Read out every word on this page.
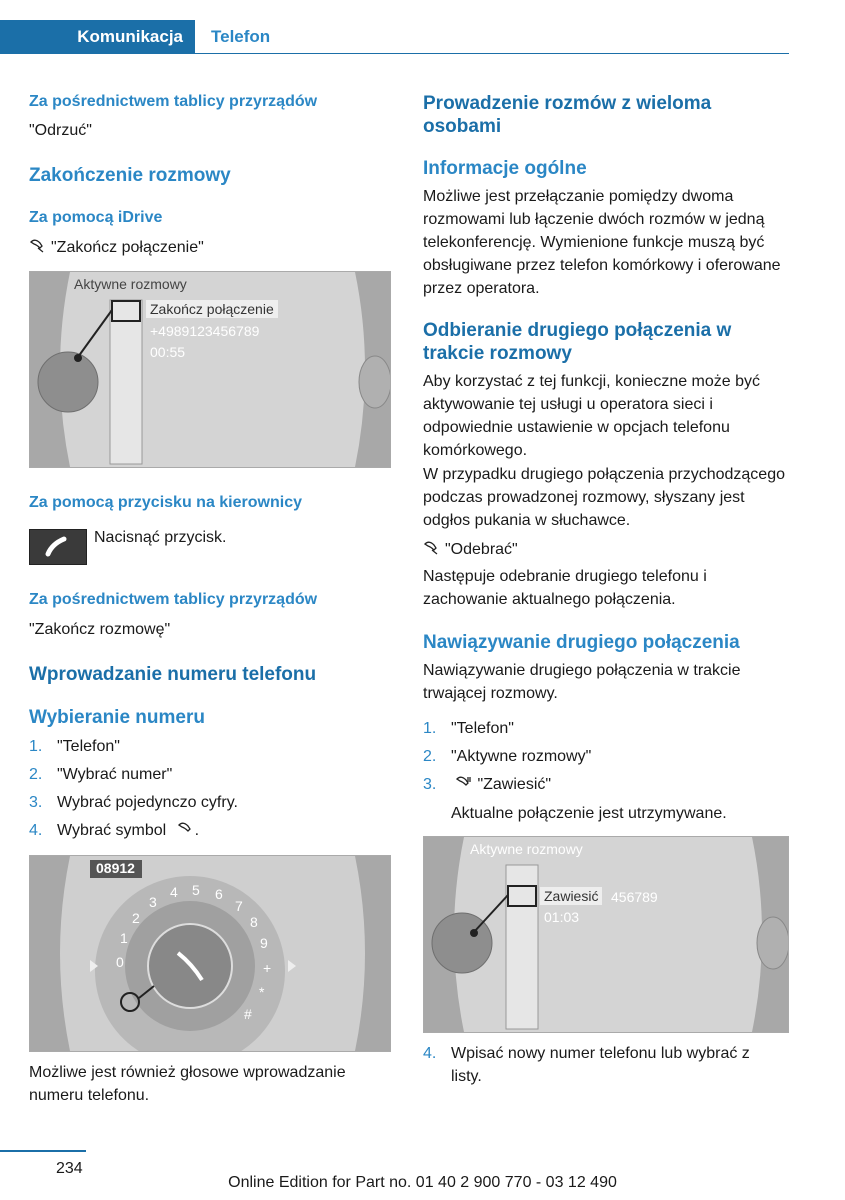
Komunikacja	Telefon
Za pośrednictwem tablicy przyrządów
"Odrzuć"
Zakończenie rozmowy
Za pomocą iDrive
"Zakończ połączenie"
Aktywne rozmowy
Zakończ połączenie
+4989123456789
00:55
Za pomocą przycisku na kierownicy
Nacisnąć przycisk.
Za pośrednictwem tablicy przyrządów
"Zakończ rozmowę"
Wprowadzanie numeru telefonu
Wybieranie numeru
1. "Telefon"
2. "Wybrać numer"
3. Wybrać pojedynczo cyfry.
4. Wybrać symbol .
08912
0
1
2
3
4 5 6
7
8
9
+
*
#
Możliwe jest również głosowe wprowadzanie numeru telefonu.
Prowadzenie rozmów z wieloma osobami
Informacje ogólne
Możliwe jest przełączanie pomiędzy dwoma rozmowami lub łączenie dwóch rozmów w jedną telekonferencję. Wymienione funkcje muszą być obsługiwane przez telefon komórkowy i oferowane przez operatora.
Odbieranie drugiego połączenia w trakcie rozmowy
Aby korzystać z tej funkcji, konieczne może być aktywowanie tej usługi u operatora sieci i odpowiednie ustawienie w opcjach telefonu komórkowego.
W przypadku drugiego połączenia przychodzącego podczas prowadzonej rozmowy, słyszany jest odgłos pukania w słuchawce.
"Odebrać"
Następuje odebranie drugiego telefonu i zachowanie aktualnego połączenia.
Nawiązywanie drugiego połączenia
Nawiązywanie drugiego połączenia w trakcie trwającej rozmowy.
1. "Telefon"
2. "Aktywne rozmowy"
3.	"Zawiesić"
Aktualne połączenie jest utrzymywane.
Aktywne rozmowy
Zawiesić 456789
01:03
4. Wpisać nowy numer telefonu lub wybrać z listy.
234
Online Edition for Part no. 01 40 2 900 770 - 03 12 490
